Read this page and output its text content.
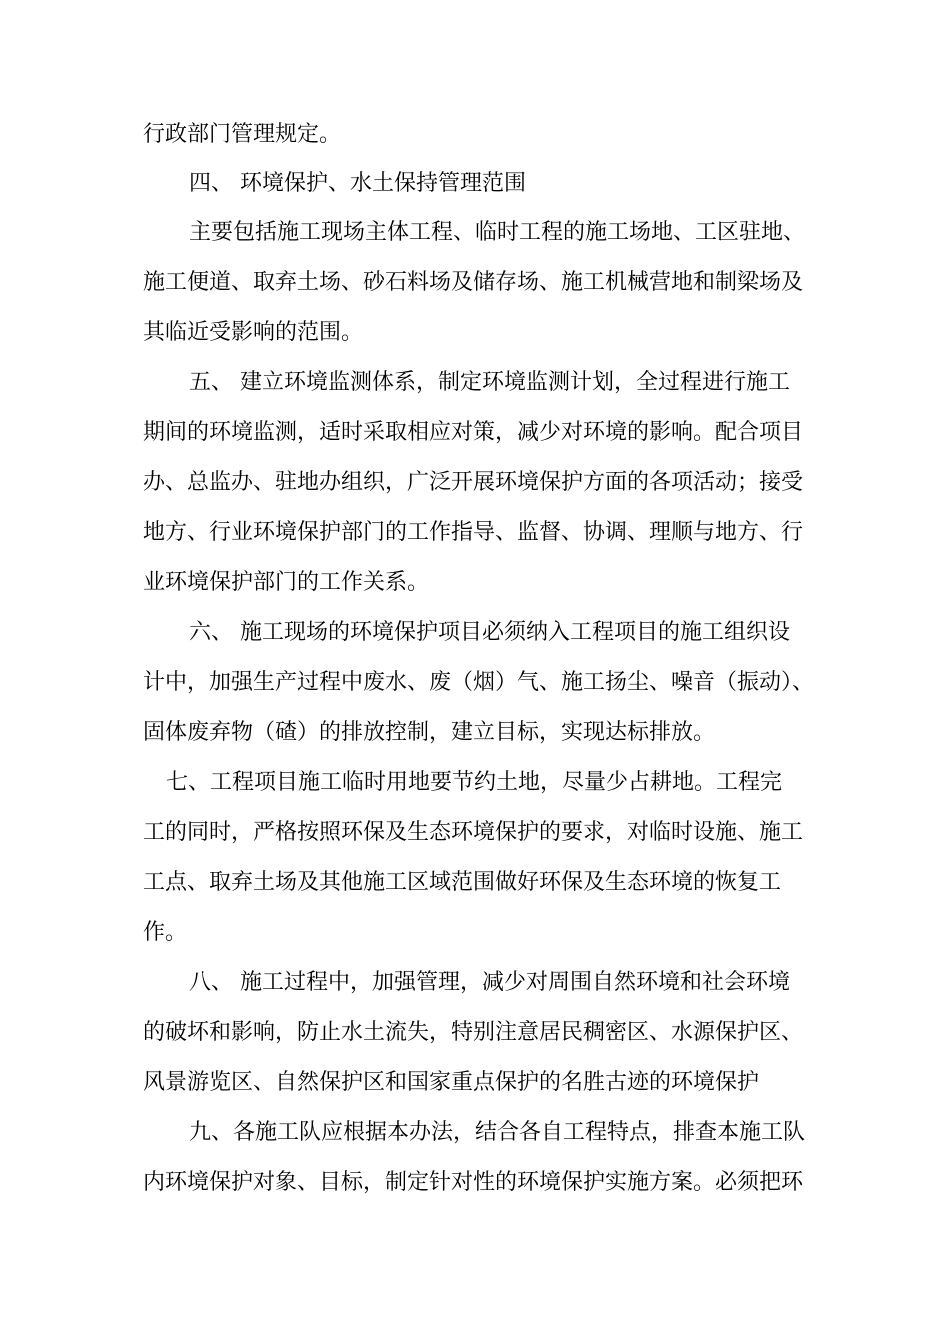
行政部门管理规定。
四、 环境保护、水土保持管理范围
主要包括施工现场主体工程、临时工程的施工场地、工区驻地、
施工便道、取弃土场、砂石料场及储存场、施工机械营地和制梁场及
其临近受影响的范围。
五、 建立环境监测体系，制定环境监测计划，全过程进行施工
期间的环境监测，适时采取相应对策，减少对环境的影响。配合项目
办、总监办、驻地办组织，广泛开展环境保护方面的各项活动；接受
地方、行业环境保护部门的工作指导、监督、协调、理顺与地方、行
业环境保护部门的工作关系。
六、 施工现场的环境保护项目必须纳入工程项目的施工组织设
计中，加强生产过程中废水、废（烟）气、施工扬尘、噪音（振动）、
固体废弃物（碴）的排放控制，建立目标，实现达标排放。
七、工程项目施工临时用地要节约土地，尽量少占耕地。工程完
工的同时，严格按照环保及生态环境保护的要求，对临时设施、施工
工点、取弃土场及其他施工区域范围做好环保及生态环境的恢复工
作。
八、 施工过程中，加强管理，减少对周围自然环境和社会环境
的破坏和影响，防止水土流失，特别注意居民稠密区、水源保护区、
风景游览区、自然保护区和国家重点保护的名胜古迹的环境保护
九、各施工队应根据本办法，结合各自工程特点，排查本施工队
内环境保护对象、目标，制定针对性的环境保护实施方案。必须把环
